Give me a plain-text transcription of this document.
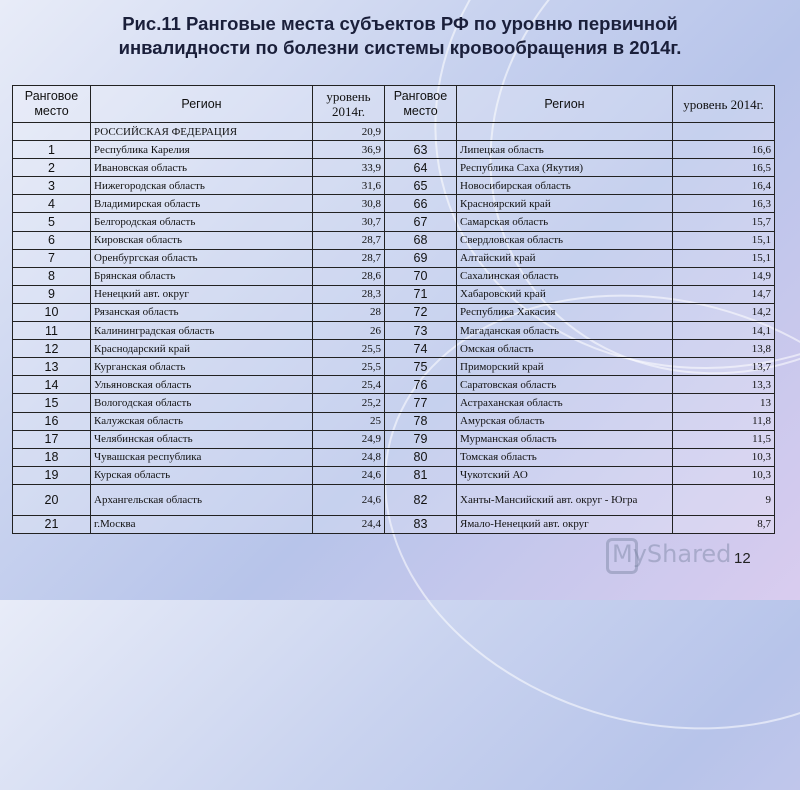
Рис.11 Ранговые места субъектов РФ по уровню первичной
инвалидности по болезни системы кровообращения в 2014г.
Ранговое место	Регион	уровень 2014г.	Ранговое место	Регион	уровень 2014г.
	РОССИЙСКАЯ ФЕДЕРАЦИЯ	20,9			
1	Республика Карелия	36,9	63	Липецкая область	16,6
2	Ивановская область	33,9	64	Республика Саха (Якутия)	16,5
3	Нижегородская область	31,6	65	Новосибирская область	16,4
4	Владимирская область	30,8	66	Красноярский край	16,3
5	Белгородская область	30,7	67	Самарская область	15,7
6	Кировская область	28,7	68	Свердловская область	15,1
7	Оренбургская область	28,7	69	Алтайский край	15,1
8	Брянская область	28,6	70	Сахалинская область	14,9
9	Ненецкий авт. округ	28,3	71	Хабаровский край	14,7
10	Рязанская область	28	72	Республика Хакасия	14,2
11	Калининградская область	26	73	Магаданская область	14,1
12	Краснодарский край	25,5	74	Омская область	13,8
13	Курганская область	25,5	75	Приморский край	13,7
14	Ульяновская область	25,4	76	Саратовская область	13,3
15	Вологодская область	25,2	77	Астраханская область	13
16	Калужская область	25	78	Амурская область	11,8
17	Челябинская область	24,9	79	Мурманская область	11,5
18	Чувашская республика	24,8	80	Томская область	10,3
19	Курская область	24,6	81	Чукотский АО	10,3
20	Архангельская область	24,6	82	Ханты-Мансийский авт. округ - Югра	9
21	г.Москва	24,4	83	Ямало-Ненецкий авт. округ	8,7
MyShared 12
